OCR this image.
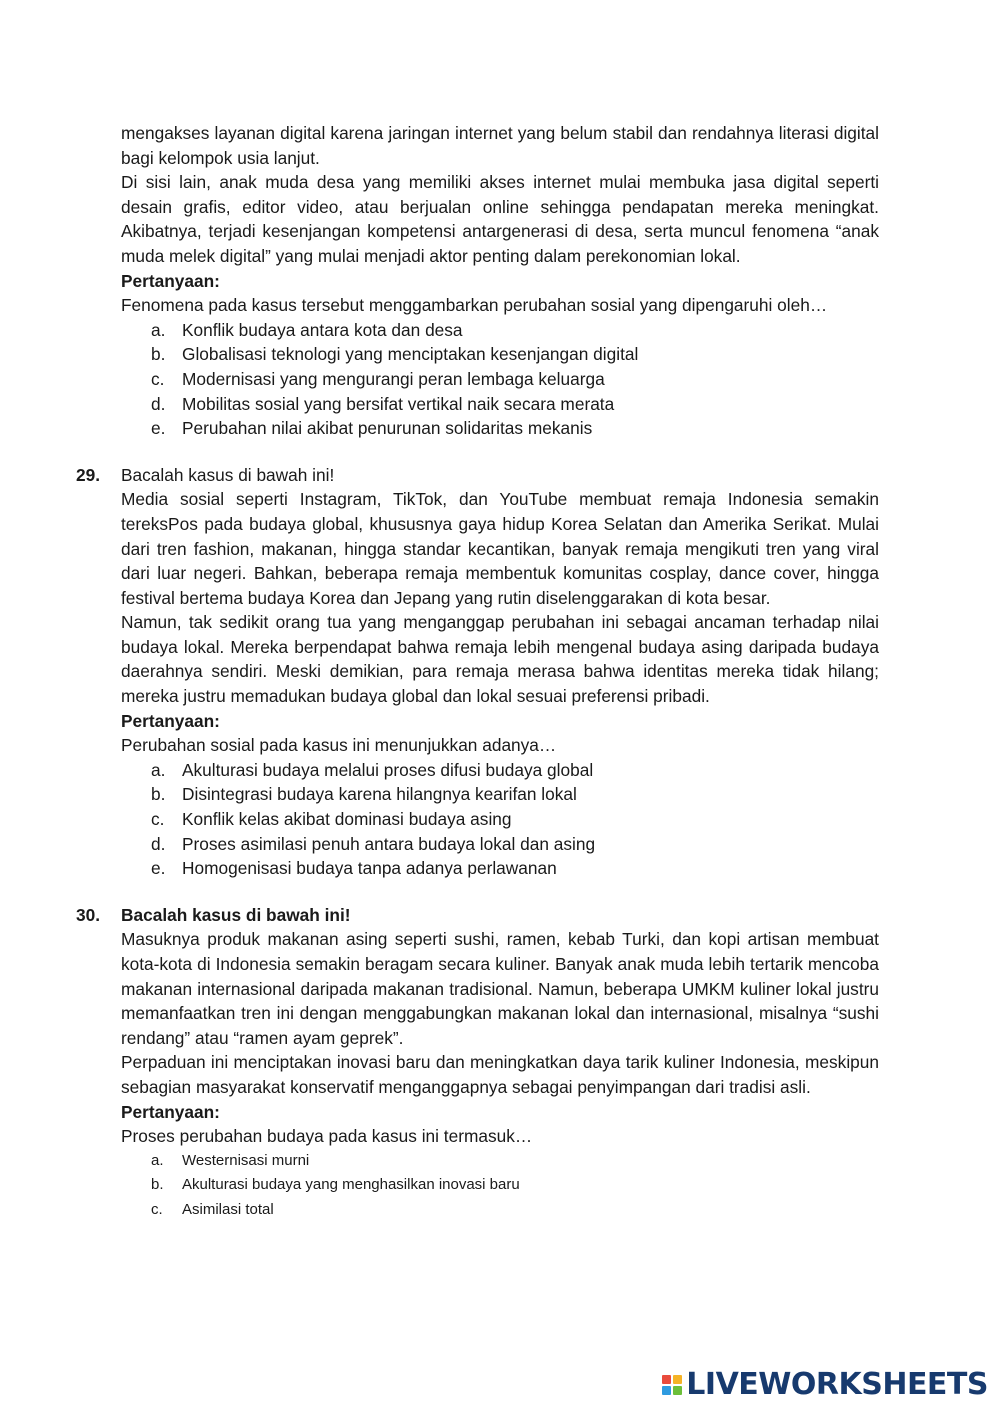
mengakses layanan digital karena jaringan internet yang belum stabil dan rendahnya literasi digital bagi kelompok usia lanjut.

Di sisi lain, anak muda desa yang memiliki akses internet mulai membuka jasa digital seperti desain grafis, editor video, atau berjualan online sehingga pendapatan mereka meningkat. Akibatnya, terjadi kesenjangan kompetensi antargenerasi di desa, serta muncul fenomena “anak muda melek digital” yang mulai menjadi aktor penting dalam perekonomian lokal.

Pertanyaan:

Fenomena pada kasus tersebut menggambarkan perubahan sosial yang dipengaruhi oleh…

a. Konflik budaya antara kota dan desa
b. Globalisasi teknologi yang menciptakan kesenjangan digital
c.	Modernisasi yang mengurangi peran lembaga keluarga
d. Mobilitas sosial yang bersifat vertikal naik secara merata
e. Perubahan nilai akibat penurunan solidaritas mekanis
29. Bacalah kasus di bawah ini!

Media sosial seperti Instagram, TikTok, dan YouTube membuat remaja Indonesia semakin tereksPos pada budaya global, khususnya gaya hidup Korea Selatan dan Amerika Serikat. Mulai dari tren fashion, makanan, hingga standar kecantikan, banyak remaja mengikuti tren yang viral dari luar negeri. Bahkan, beberapa remaja membentuk komunitas cosplay, dance cover, hingga festival bertema budaya Korea dan Jepang yang rutin diselenggarakan di kota besar.

Namun, tak sedikit orang tua yang menganggap perubahan ini sebagai ancaman terhadap nilai budaya lokal. Mereka berpendapat bahwa remaja lebih mengenal budaya asing daripada budaya daerahnya sendiri. Meski demikian, para remaja merasa bahwa identitas mereka tidak hilang; mereka justru memadukan budaya global dan lokal sesuai preferensi pribadi.

Pertanyaan:

Perubahan sosial pada kasus ini menunjukkan adanya…

a. Akulturasi budaya melalui proses difusi budaya global
b. Disintegrasi budaya karena hilangnya kearifan lokal
c.	Konflik kelas akibat dominasi budaya asing
d. Proses asimilasi penuh antara budaya lokal dan asing
e. Homogenisasi budaya tanpa adanya perlawanan
30. Bacalah kasus di bawah ini!

Masuknya produk makanan asing seperti sushi, ramen, kebab Turki, dan kopi artisan membuat kota-kota di Indonesia semakin beragam secara kuliner. Banyak anak muda lebih tertarik mencoba makanan internasional daripada makanan tradisional. Namun, beberapa UMKM kuliner lokal justru memanfaatkan tren ini dengan menggabungkan makanan lokal dan internasional, misalnya “sushi rendang” atau “ramen ayam geprek”.

Perpaduan ini menciptakan inovasi baru dan meningkatkan daya tarik kuliner Indonesia, meskipun sebagian masyarakat konservatif menganggapnya sebagai penyimpangan dari tradisi asli.

Pertanyaan:

Proses perubahan budaya pada kasus ini termasuk…

a.	Westernisasi murni
b.	Akulturasi budaya yang menghasilkan inovasi baru
c.	Asimilasi total
LIVEWORKSHEETS
